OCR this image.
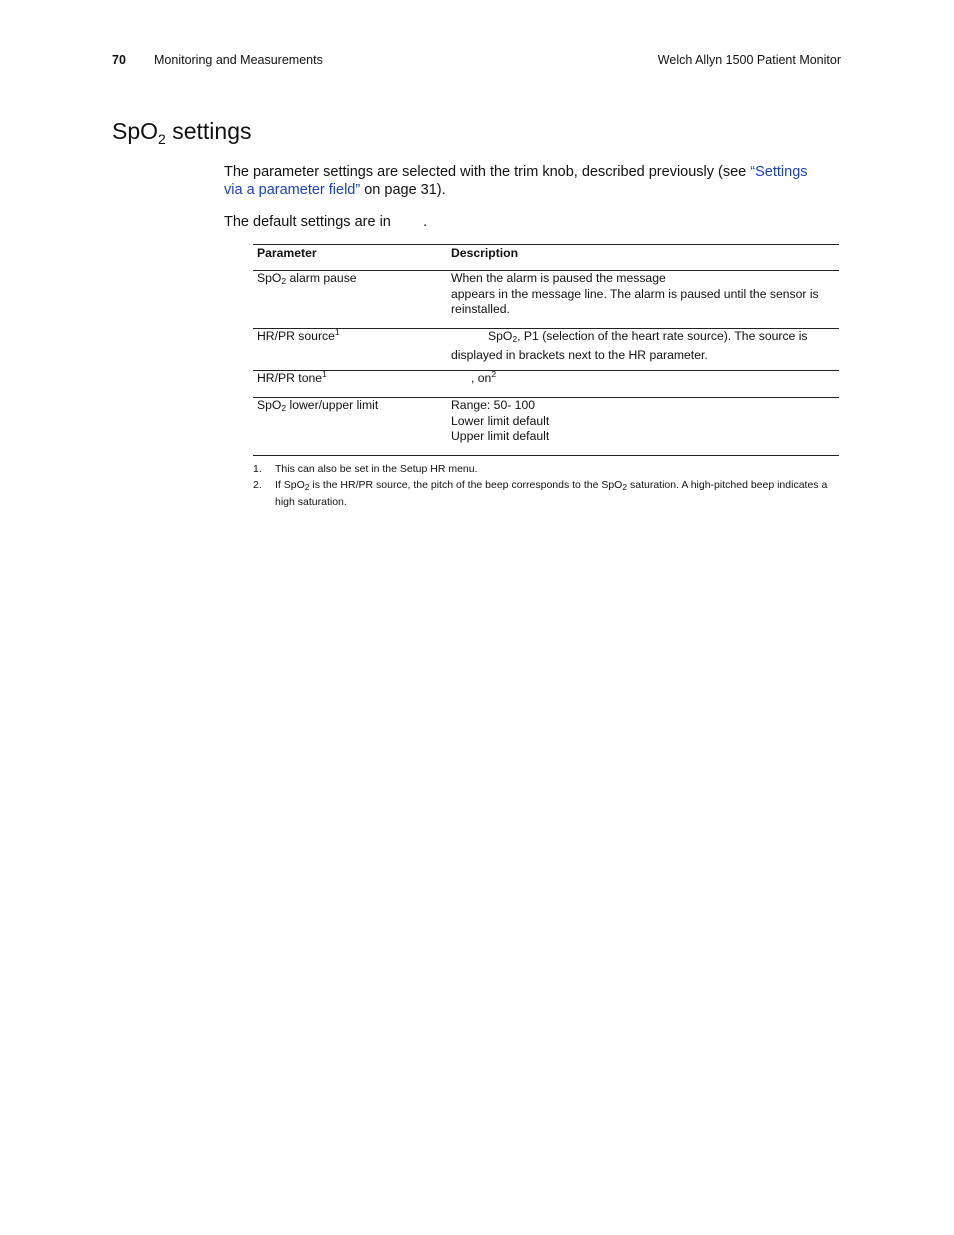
70 Monitoring and Measurements	Welch Allyn 1500 Patient Monitor
SpO$_2$ settings
The parameter settings are selected with the trim knob, described previously (see “Settings via a parameter field” on page 31).
The default settings are in        .
Parameter	Description
SpO$_2$ alarm pause	When the alarm is paused the message
appears in the message line. The alarm is paused until the sensor is reinstalled.

HR/PR source$^1$	SpO$_2$, P1 (selection of the heart rate source). The source is displayed in brackets next to the HR parameter.
HR/PR tone$^1$	, $on^2$
SpO$_2$ lower/upper limit	Range: 50- 100
Lower limit default
Upper limit default
1. This can also be set in the Setup HR menu.
2. If SpO$_2$ is the HR/PR source, the pitch of the beep corresponds to the SpO$_2$ saturation. A high-pitched beep indicates a high saturation.
